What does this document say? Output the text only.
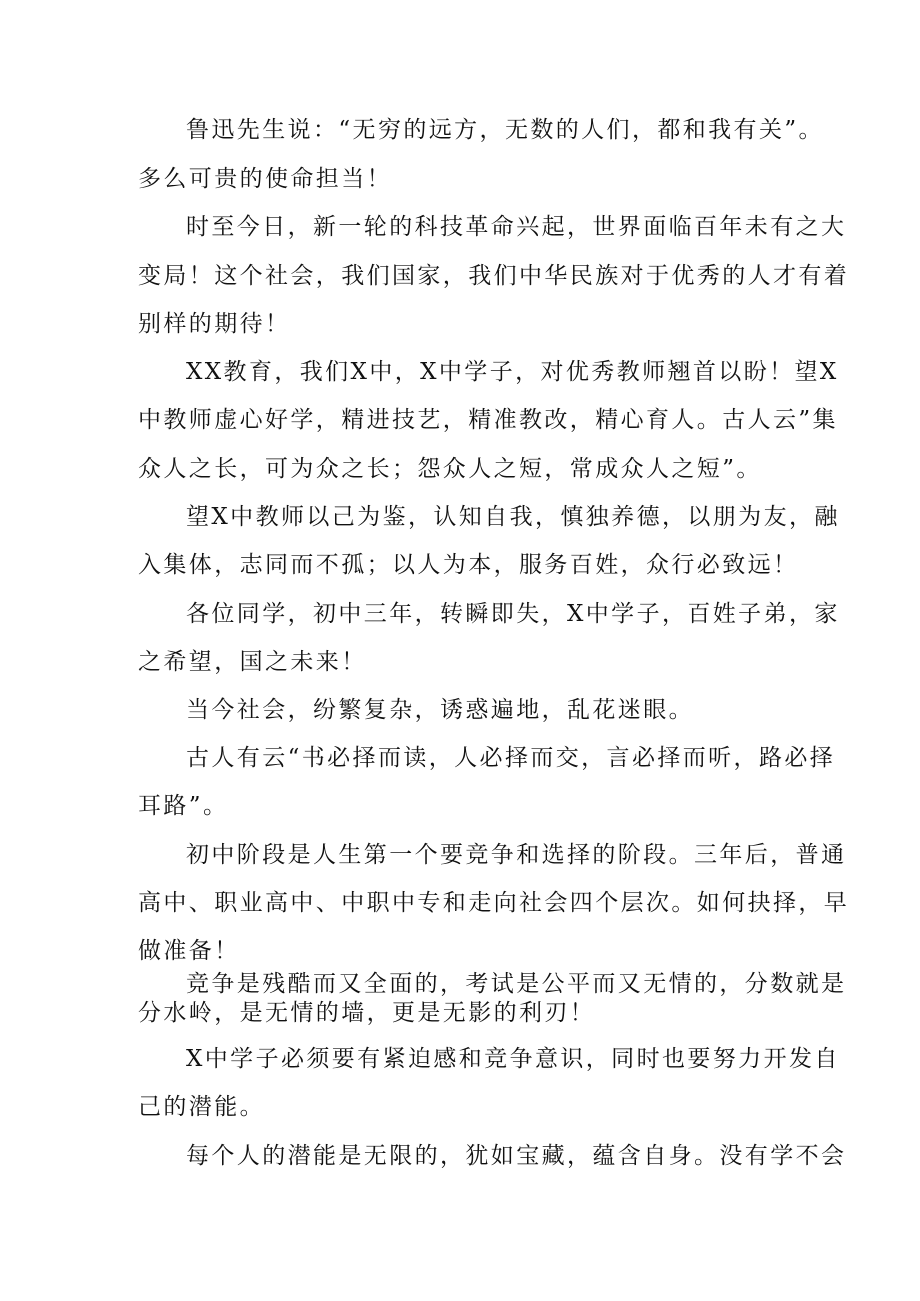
鲁迅先生说：“无穷的远方，无数的人们，都和我有关”。
多么可贵的使命担当！
时至今日，新一轮的科技革命兴起，世界面临百年未有之大
变局！这个社会，我们国家，我们中华民族对于优秀的人才有着
别样的期待！
XX教育，我们X中，X中学子，对优秀教师翘首以盼！望X
中教师虚心好学，精进技艺，精准教改，精心育人。古人云”集
众人之长，可为众之长；怨众人之短，常成众人之短”。
望X中教师以己为鉴，认知自我，慎独养德，以朋为友，融
入集体，志同而不孤；以人为本，服务百姓，众行必致远！
各位同学，初中三年，转瞬即失，X中学子，百姓子弟，家
之希望，国之未来！
当今社会，纷繁复杂，诱惑遍地，乱花迷眼。
古人有云“书必择而读，人必择而交，言必择而听，路必择
耳路”。
初中阶段是人生第一个要竞争和选择的阶段。三年后，普通
高中、职业高中、中职中专和走向社会四个层次。如何抉择，早
做准备！
竞争是残酷而又全面的，考试是公平而又无情的，分数就是
分水岭，是无情的墙，更是无影的利刃！
X中学子必须要有紧迫感和竞争意识，同时也要努力开发自
己的潜能。
每个人的潜能是无限的，犹如宝藏，蕴含自身。没有学不会
